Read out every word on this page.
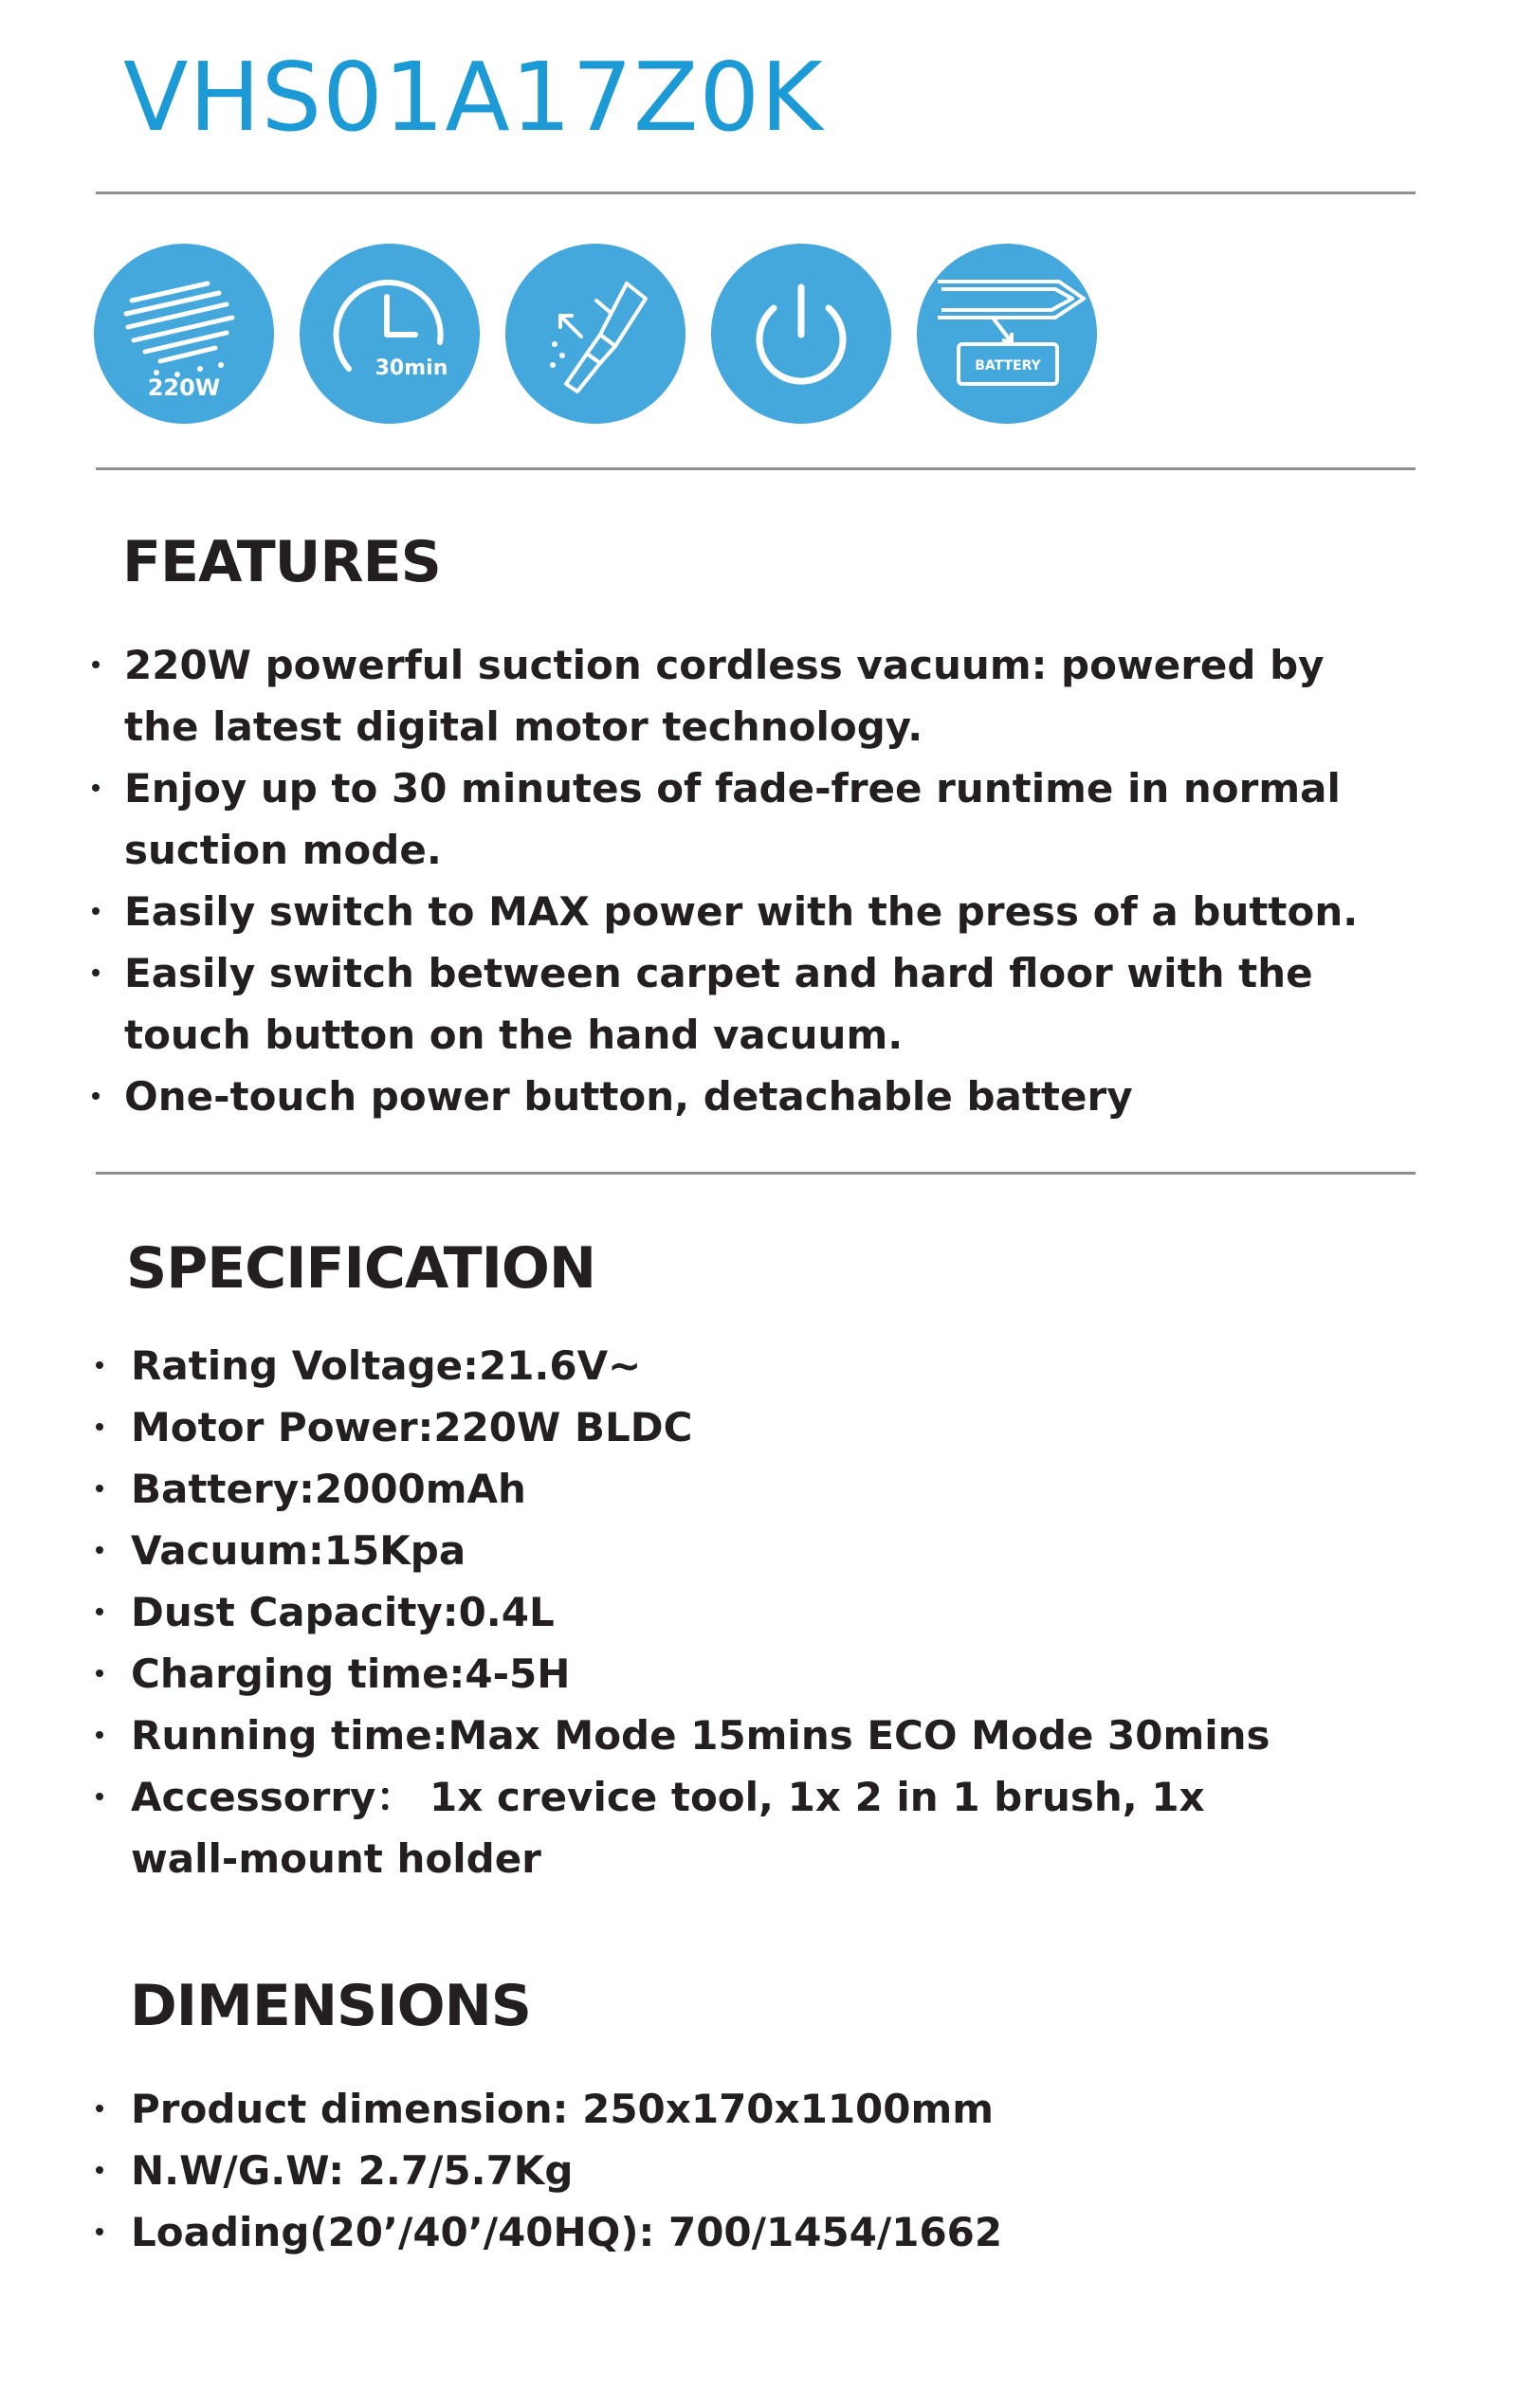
VHS01A17Z0K
220W
30min	BATTERY
FEATURES
220W powerful suction cordless vacuum: powered by
the latest digital motor technology.
Enjoy up to 30 minutes of fade-free runtime in normal
suction mode.
Easily switch to MAX power with the press of a button.
Easily switch between carpet and hard floor with the
touch button on the hand vacuum.
One-touch power button, detachable battery
SPECIFICATION
Rating Voltage:21.6V~
Motor Power:220W BLDC
Battery:2000mAh
Vacuum:15Kpa
Dust Capacity:0.4L
Charging time:4-5H
Running time:Max Mode 15mins ECO Mode 30mins
Accessorry： 1x crevice tool, 1x 2 in 1 brush, 1x
wall-mount holder
DIMENSIONS
Product dimension: 250x170x1100mm
N.W/G.W: 2.7/5.7Kg
Loading(20’/40’/40HQ): 700/1454/1662
